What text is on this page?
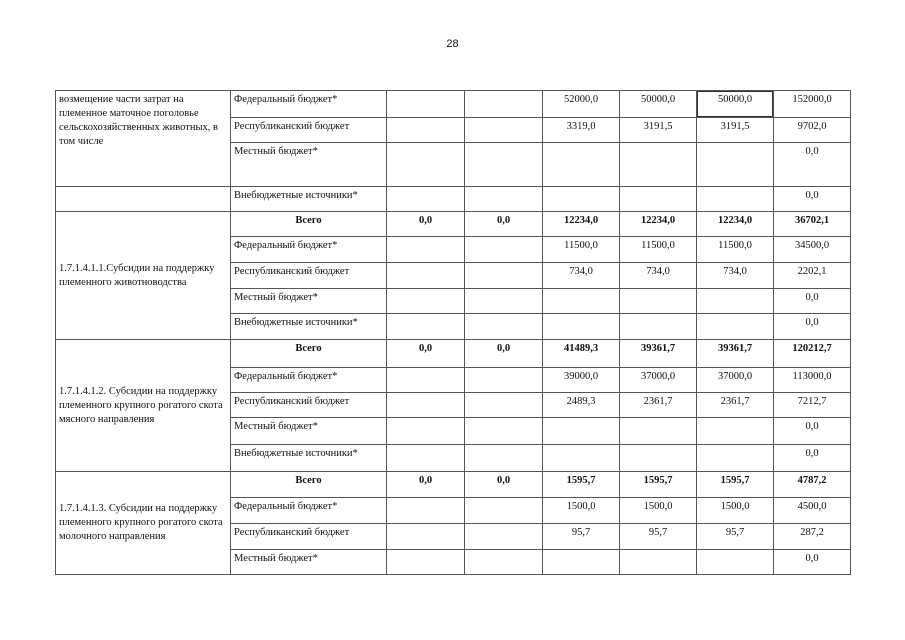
28
возмещение части затрат на племенное маточное поголовье сельскохозяйственных животных, в том числе	Федеральный бюджет*			52000,0	50000,0	50000,0	152000,0
	Республиканский бюджет			3319,0	3191,5	3191,5	9702,0
	Местный бюджет*						0,0
	Внебюджетные источники*						0,0
1.7.1.4.1.1.Субсидии на поддержку племенного животноводства	Всего	0,0	0,0	12234,0	12234,0	12234,0	36702,1
	Федеральный бюджет*			11500,0	11500,0	11500,0	34500,0
	Республиканский бюджет			734,0	734,0	734,0	2202,1
	Местный бюджет*						0,0
	Внебюджетные источники*						0,0
1.7.1.4.1.2. Субсидии на поддержку племенного крупного рогатого скота мясного направления	Всего	0,0	0,0	41489,3	39361,7	39361,7	120212,7
	Федеральный бюджет*			39000,0	37000,0	37000,0	113000,0
	Республиканский бюджет			2489,3	2361,7	2361,7	7212,7
	Местный бюджет*						0,0
	Внебюджетные источники*						0,0
1.7.1.4.1.3. Субсидии на поддержку племенного крупного рогатого скота молочного направления	Всего	0,0	0,0	1595,7	1595,7	1595,7	4787,2
	Федеральный бюджет*			1500,0	1500,0	1500,0	4500,0
	Республиканский бюджет			95,7	95,7	95,7	287,2
	Местный бюджет*						0,0
